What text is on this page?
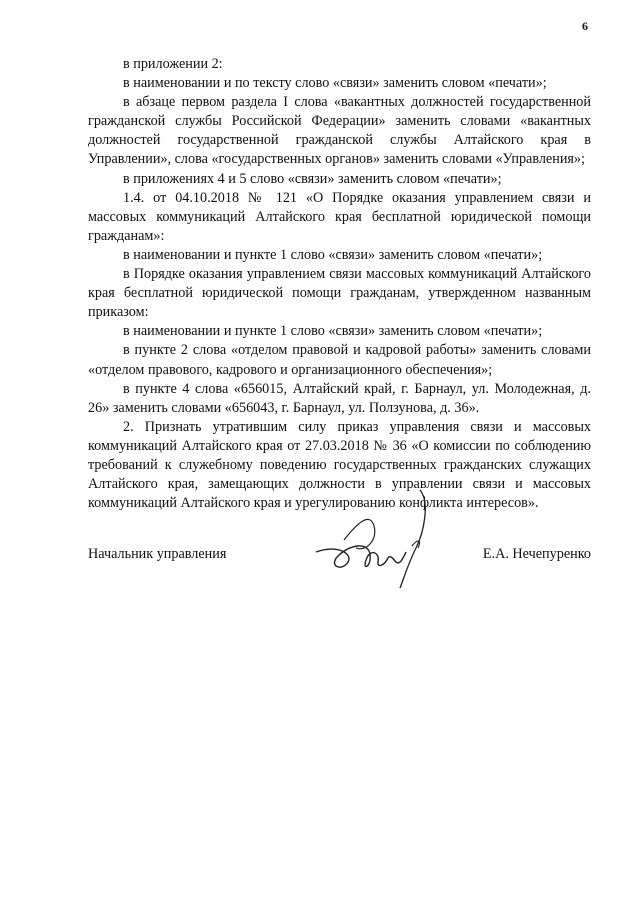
6

в приложении 2:

в наименовании и по тексту слово «связи» заменить словом «печати»;

в абзаце первом раздела I слова «вакантных должностей государственной гражданской службы Российской Федерации» заменить словами «вакантных должностей государственной гражданской службы Алтайского края в Управлении», слова «государственных органов» заменить словами «Управления»;

в приложениях 4 и 5 слово «связи» заменить словом «печати»;

1.4. от 04.10.2018 № 121 «О Порядке оказания управлением связи и массовых коммуникаций Алтайского края бесплатной юридической помощи гражданам»:

в наименовании и пункте 1 слово «связи» заменить словом «печати»;

в Порядке оказания управлением связи массовых коммуникаций Алтайского края бесплатной юридической помощи гражданам, утвержденном названным приказом:

в наименовании и пункте 1 слово «связи» заменить словом «печати»;

в пункте 2 слова «отделом правовой и кадровой работы» заменить словами «отделом правового, кадрового и организационного обеспечения»;

в пункте 4 слова «656015, Алтайский край, г. Барнаул, ул. Молодежная, д. 26» заменить словами «656043, г. Барнаул, ул. Ползунова, д. 36».

2. Признать утратившим силу приказ управления связи и массовых коммуникаций Алтайского края от 27.03.2018 № 36 «О комиссии по соблюдению требований к служебному поведению государственных гражданских служащих Алтайского края, замещающих должности в управлении связи и массовых коммуникаций Алтайского края и урегулированию конфликта интересов».

Начальник управления	Е.А. Нечепуренко
